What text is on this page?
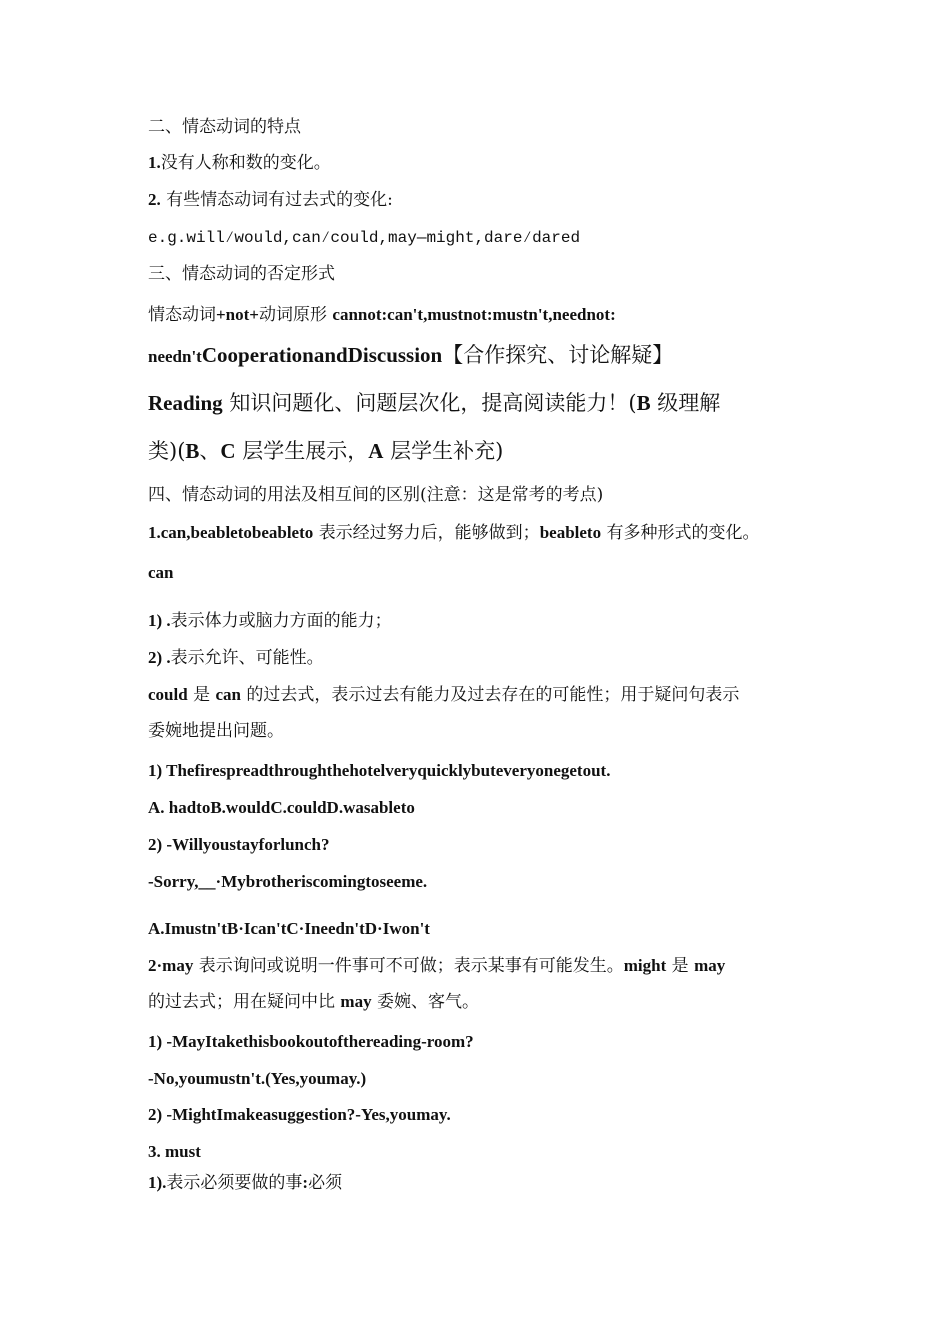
二、情态动词的特点
1.没有人称和数的变化。
2. 有些情态动词有过去式的变化:
e.g.will⁄would,can⁄could,may—might,dare⁄dared
三、情态动词的否定形式
情态动词+not+动词原形 cannot:can't,mustnot:mustn't,neednot:
needn'tCooperationandDiscussion【合作探究、讨论解疑】
Reading 知识问题化、问题层次化，提高阅读能力！(B 级理解
类)(B、C 层学生展示，A 层学生补充)
四、情态动词的用法及相互间的区别(注意：这是常考的考点)
1.can,beabletobeableto 表示经过努力后，能够做到；beableto 有多种形式的变化。
can
1) .表示体力或脑力方面的能力；
2) .表示允许、可能性。
could 是 can 的过去式，表示过去有能力及过去存在的可能性；用于疑问句表示
委婉地提出问题。
1) Thefirespreadthroughthehotelveryquicklybuteveryonegetout.
A. hadtoB.wouldC.couldD.wasableto
2) -Willyoustayforlunch?
-Sorry,__·Mybrotheriscomingtoseeme.
A.Imustn'tB·Ican'tC·Ineedn'tD·Iwon't
2·may 表示询问或说明一件事可不可做；表示某事有可能发生。might 是 may
的过去式；用在疑问中比 may 委婉、客气。
1) -MayItakethisbookoutofthereading-room?
-No,youmustn't.(Yes,youmay.)
2) -MightImakeasuggestion?-Yes,youmay.
3. must
1).表示必须要做的事:必须
